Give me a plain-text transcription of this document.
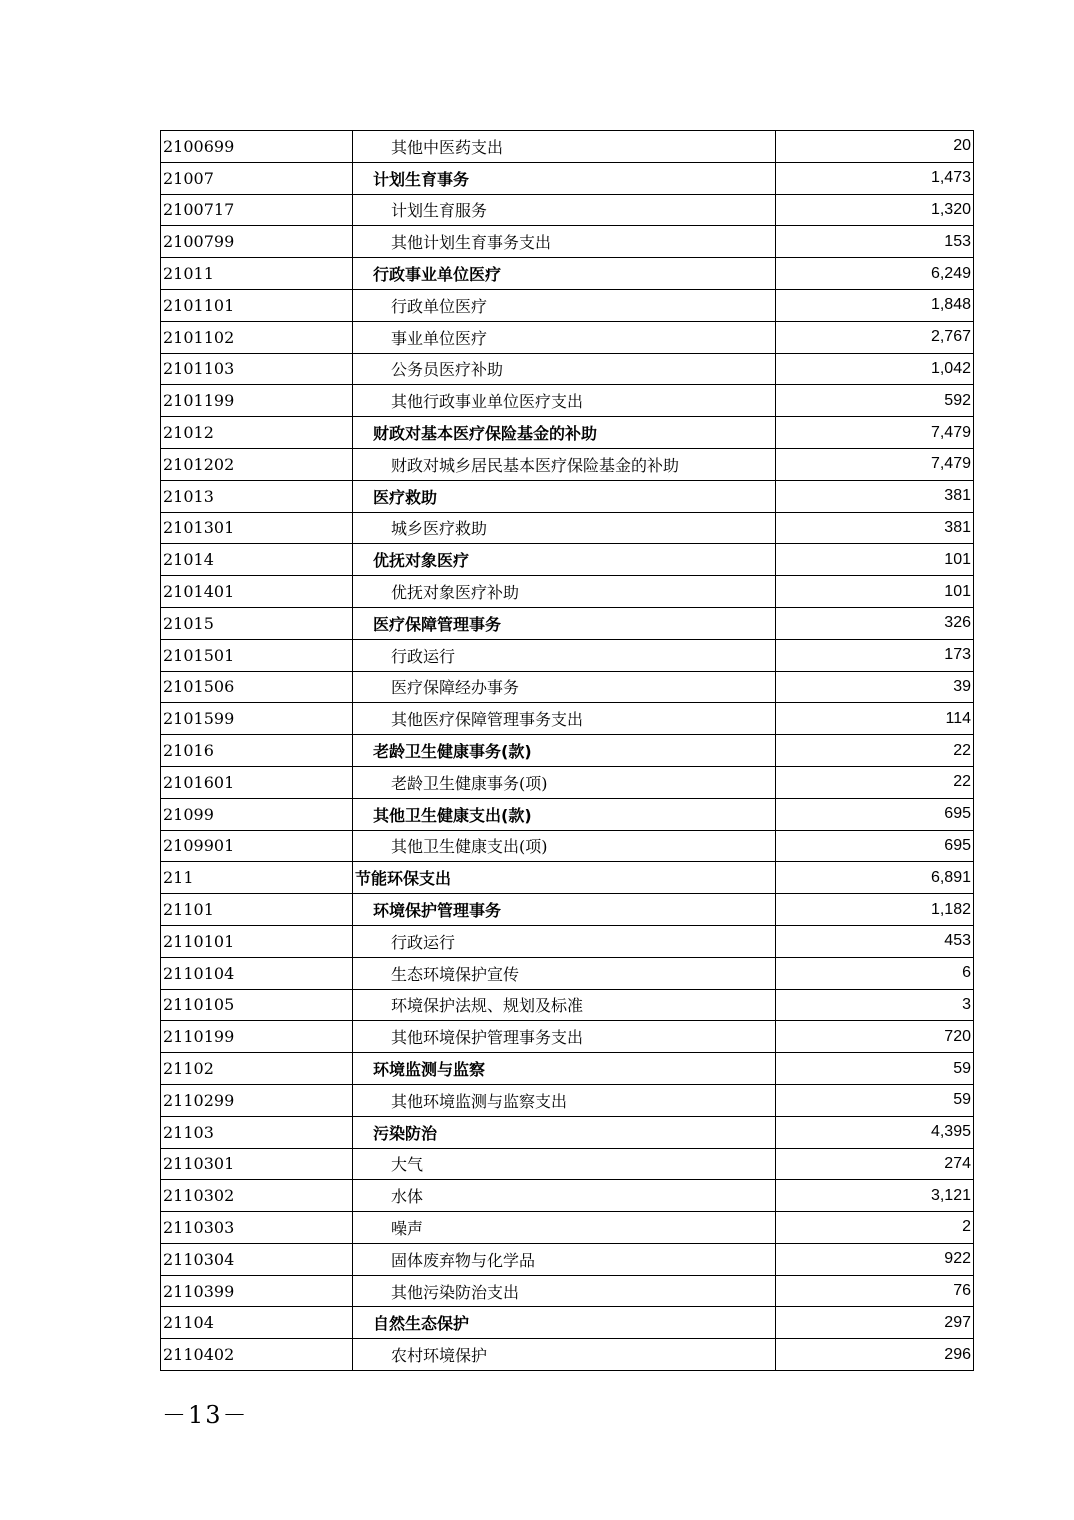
2100699	其他中医药支出	20
21007	计划生育事务	1,473
2100717	计划生育服务	1,320
2100799	其他计划生育事务支出	153
21011	行政事业单位医疗	6,249
2101101	行政单位医疗	1,848
2101102	事业单位医疗	2,767
2101103	公务员医疗补助	1,042
2101199	其他行政事业单位医疗支出	592
21012	财政对基本医疗保险基金的补助	7,479
2101202	财政对城乡居民基本医疗保险基金的补助	7,479
21013	医疗救助	381
2101301	城乡医疗救助	381
21014	优抚对象医疗	101
2101401	优抚对象医疗补助	101
21015	医疗保障管理事务	326
2101501	行政运行	173
2101506	医疗保障经办事务	39
2101599	其他医疗保障管理事务支出	114
21016	老龄卫生健康事务(款)	22
2101601	老龄卫生健康事务(项)	22
21099	其他卫生健康支出(款)	695
2109901	其他卫生健康支出(项)	695
211	节能环保支出	6,891
21101	环境保护管理事务	1,182
2110101	行政运行	453
2110104	生态环境保护宣传	6
2110105	环境保护法规、规划及标准	3
2110199	其他环境保护管理事务支出	720
21102	环境监测与监察	59
2110299	其他环境监测与监察支出	59
21103	污染防治	4,395
2110301	大气	274
2110302	水体	3,121
2110303	噪声	2
2110304	固体废弃物与化学品	922
2110399	其他污染防治支出	76
21104	自然生态保护	297
2110402	农村环境保护	296
－13－
